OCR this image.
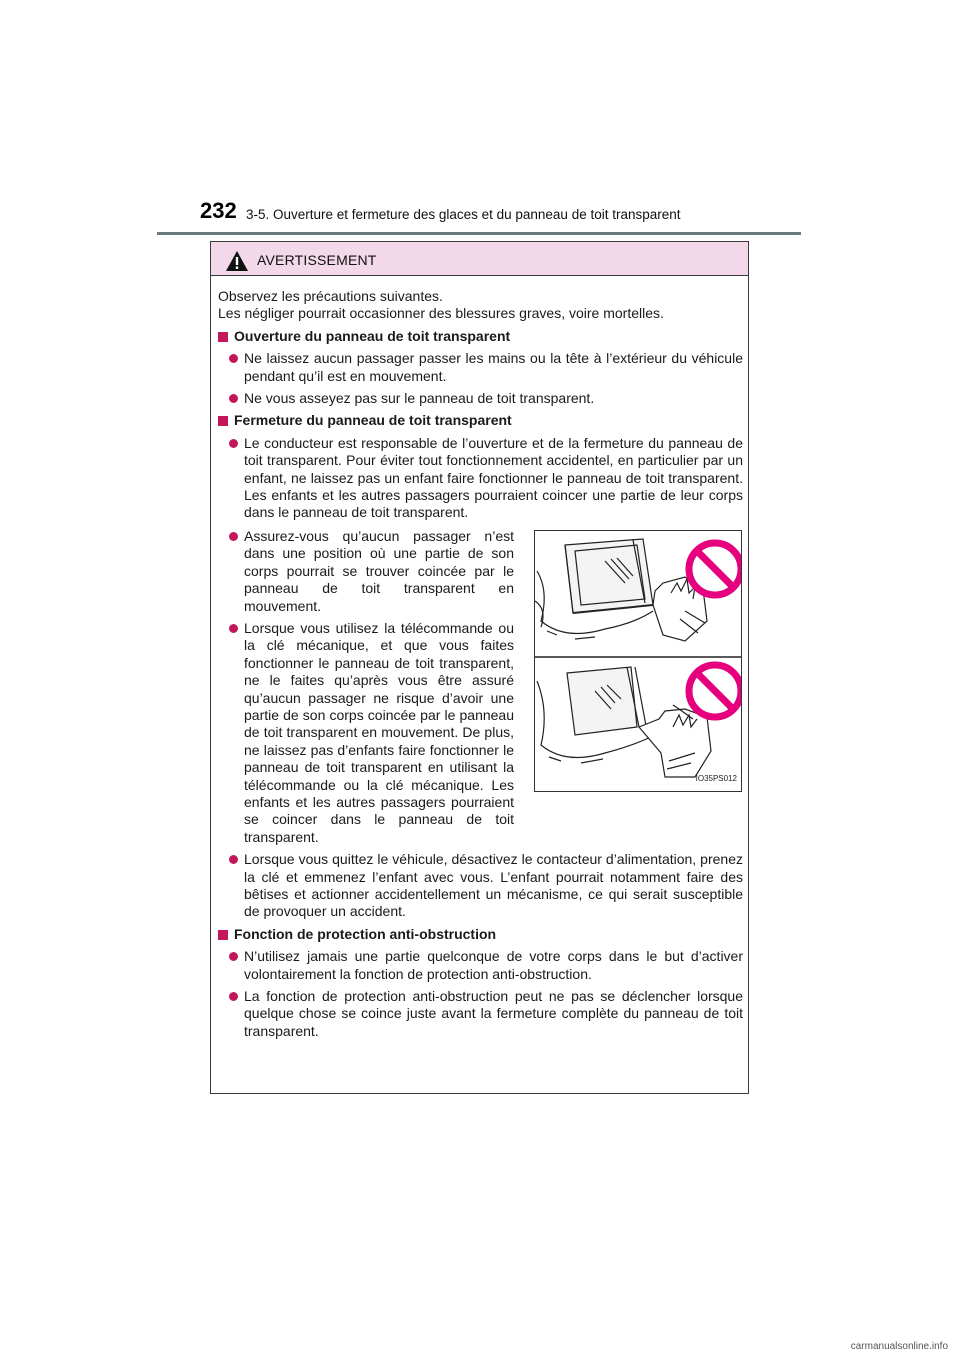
232 3-5. Ouverture et fermeture des glaces et du panneau de toit transparent
AVERTISSEMENT

Observez les précautions suivantes.

Les négliger pourrait occasionner des blessures graves, voire mortelles.

Ouverture du panneau de toit transparent

Ne laissez aucun passager passer les mains ou la tête à l’extérieur du véhicule pendant qu’il est en mouvement.

Ne vous asseyez pas sur le panneau de toit transparent.

Fermeture du panneau de toit transparent

Le conducteur est responsable de l’ouverture et de la fermeture du panneau de toit transparent. Pour éviter tout fonctionnement accidentel, en particulier par un enfant, ne laissez pas un enfant faire fonctionner le panneau de toit transparent. Les enfants et les autres passagers pourraient coincer une partie de leur corps dans le panneau de toit transparent.

Assurez-vous qu’aucun passager n’est dans une position où une partie de son corps pourrait se trouver coincée par le panneau de toit transparent en mouvement.

Lorsque vous utilisez la télécommande ou la clé mécanique, et que vous faites fonctionner le panneau de toit transparent, ne le faites qu’après vous être assuré qu’aucun passager ne risque d’avoir une partie de son corps coincée par le panneau de toit transparent en mouvement. De plus, ne laissez pas d’enfants faire fonctionner le panneau de toit transparent en utilisant la télécommande ou la clé mécanique. Les enfants et les autres passagers pourraient se coincer dans le panneau de toit transparent.

IO35PS012

Lorsque vous quittez le véhicule, désactivez le contacteur d’alimentation, prenez la clé et emmenez l’enfant avec vous. L’enfant pourrait notamment faire des bêtises et actionner accidentellement un mécanisme, ce qui serait susceptible de provoquer un accident.

Fonction de protection anti-obstruction

N’utilisez jamais une partie quelconque de votre corps dans le but d’activer volontairement la fonction de protection anti-obstruction.

La fonction de protection anti-obstruction peut ne pas se déclencher lorsque quelque chose se coince juste avant la fermeture complète du panneau de toit transparent.

carmanualsonline.info
